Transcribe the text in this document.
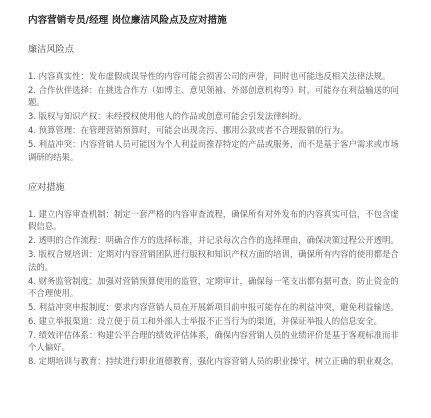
内容营销专员/经理 岗位廉洁风险点及应对措施
廉洁风险点
1. 内容真实性：发布虚假或误导性的内容可能会损害公司的声誉，同时也可能违反相关法律法规。
2. 合作伙伴选择：在挑选合作方（如博主、意见领袖、外部创意机构等）时，可能存在利益输送的问题。
3. 版权与知识产权：未经授权使用他人的作品或创意可能会引发法律纠纷。
4. 预算管理：在管理营销预算时，可能会出现贪污、挪用公款或者不合理报销的行为。
5. 利益冲突：内容营销人员可能因为个人利益而推荐特定的产品或服务，而不是基于客户需求或市场调研的结果。
应对措施
1. 建立内容审查机制：制定一套严格的内容审查流程，确保所有对外发布的内容真实可信，不包含虚假信息。
2. 透明的合作流程：明确合作方的选择标准，并记录每次合作的选择理由，确保决策过程公开透明。
3. 版权合规培训：定期对内容营销团队进行版权和知识产权方面的培训，确保所有内容的使用都是合法的。
4. 财务监管制度：加强对营销预算使用的监管，定期审计，确保每一笔支出都有据可查，防止资金的不合理使用。
5. 利益冲突申报制度：要求内容营销人员在开展新项目前申报可能存在的利益冲突，避免利益输送。
6. 建立举报渠道：设立便于员工和外部人士举报不正当行为的渠道，并保证举报人的信息安全。
7. 绩效评估体系：构建公平合理的绩效评估体系，确保内容营销人员的业绩评价是基于客观标准而非个人偏好。
8. 定期培训与教育：持续进行职业道德教育，强化内容营销人员的职业操守，树立正确的职业观念。
